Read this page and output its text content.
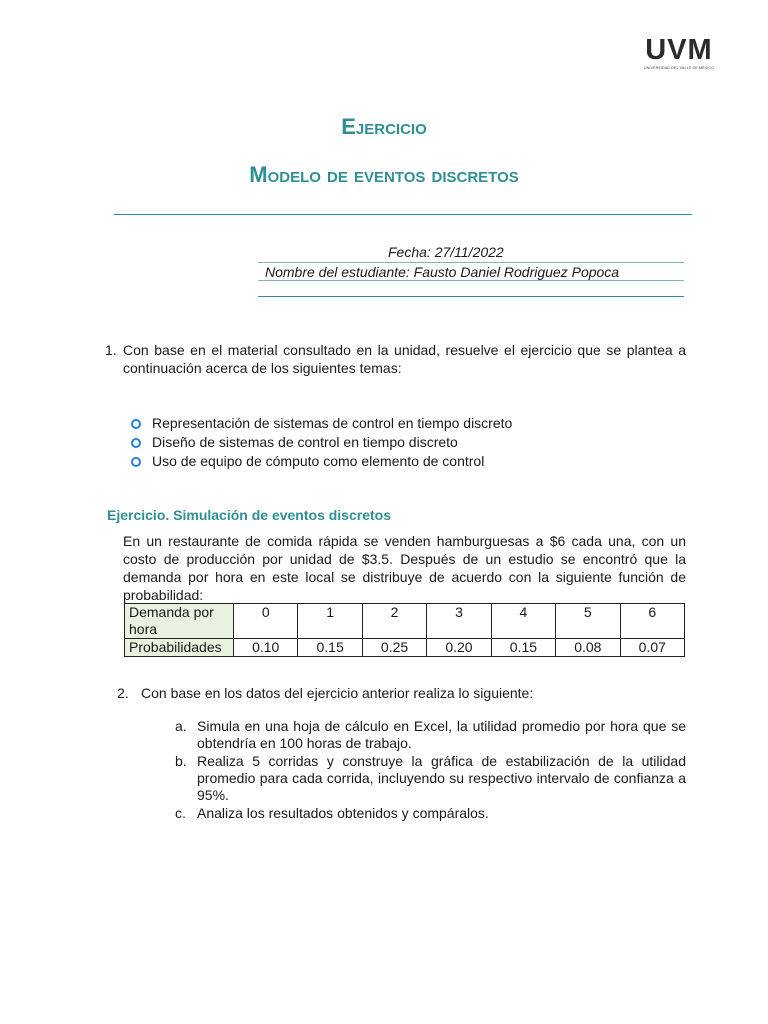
UVM
UNIVERSIDAD DEL VALLE DE MÉXICO
Ejercicio
Modelo de eventos discretos
Fecha: 27/11/2022
Nombre del estudiante: Fausto Daniel Rodriguez Popoca
1. Con base en el material consultado en la unidad, resuelve el ejercicio que se plantea a continuación acerca de los siguientes temas:
Representación de sistemas de control en tiempo discreto
Diseño de sistemas de control en tiempo discreto
Uso de equipo de cómputo como elemento de control
Ejercicio. Simulación de eventos discretos
En un restaurante de comida rápida se venden hamburguesas a $6 cada una, con un costo de producción por unidad de $3.5. Después de un estudio se encontró que la demanda por hora en este local se distribuye de acuerdo con la siguiente función de probabilidad:
Demanda por hora	0	1	2	3	4	5	6
Probabilidades	0.10	0.15	0.25	0.20	0.15	0.08	0.07
2. Con base en los datos del ejercicio anterior realiza lo siguiente:
a. Simula en una hoja de cálculo en Excel, la utilidad promedio por hora que se obtendría en 100 horas de trabajo.
b. Realiza 5 corridas y construye la gráfica de estabilización de la utilidad promedio para cada corrida, incluyendo su respectivo intervalo de confianza a 95%.
c. Analiza los resultados obtenidos y compáralos.
